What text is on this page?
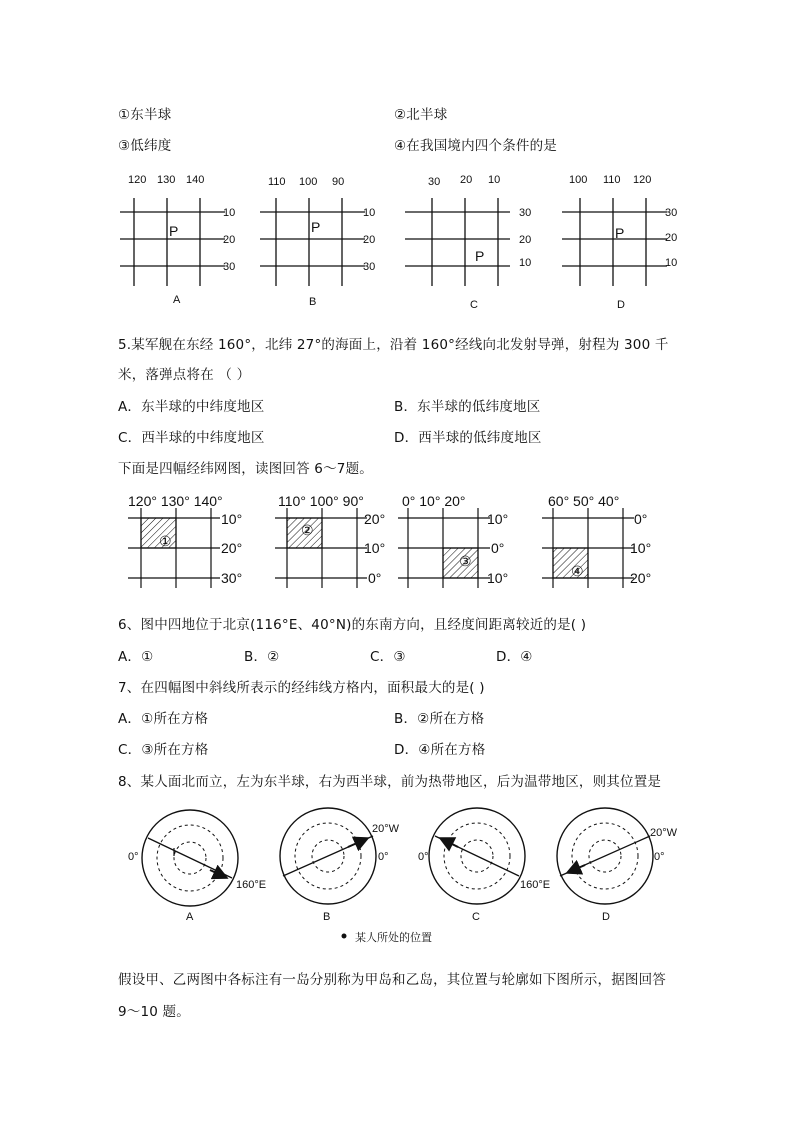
①东半球	②北半球
③低纬度	④在我国境内四个条件的是
120 130 140
10
20
30
P
A
110 100 90
10
20
30
P
B
30 20 10
30
20
10
P
C
100 110 120
30
20
10
P
D
5.某军舰在东经 160°，北纬 27°的海面上，沿着 160°经线向北发射导弹，射程为 300 千
米，落弹点将在 （ ）
A．东半球的中纬度地区	B．东半球的低纬度地区
C．西半球的中纬度地区	D．西半球的低纬度地区
下面是四幅经纬网图，读图回答 6～7题。
120° 130° 140°
10°
20°
30°
①
110° 100° 90°
20°
10°
0°
②
0° 10° 20°
10°
0°
10°
③
60° 50° 40°
0°
10°
20°
④
6、图中四地位于北京(116°E、40°N)的东南方向，且经度间距离较近的是( )
A．①	B．②	C．③	D．④
7、在四幅图中斜线所表示的经纬线方格内，面积最大的是( )
A．①所在方格	B．②所在方格
C．③所在方格	D．④所在方格
8、某人面北而立，左为东半球，右为西半球，前为热带地区，后为温带地区，则其位置是
0°
160°E
A
20°W
0°
B
0°
160°E
C
20°W
0°
D
某人所处的位置
假设甲、乙两图中各标注有一岛分别称为甲岛和乙岛，其位置与轮廓如下图所示，据图回答
9～10 题。
